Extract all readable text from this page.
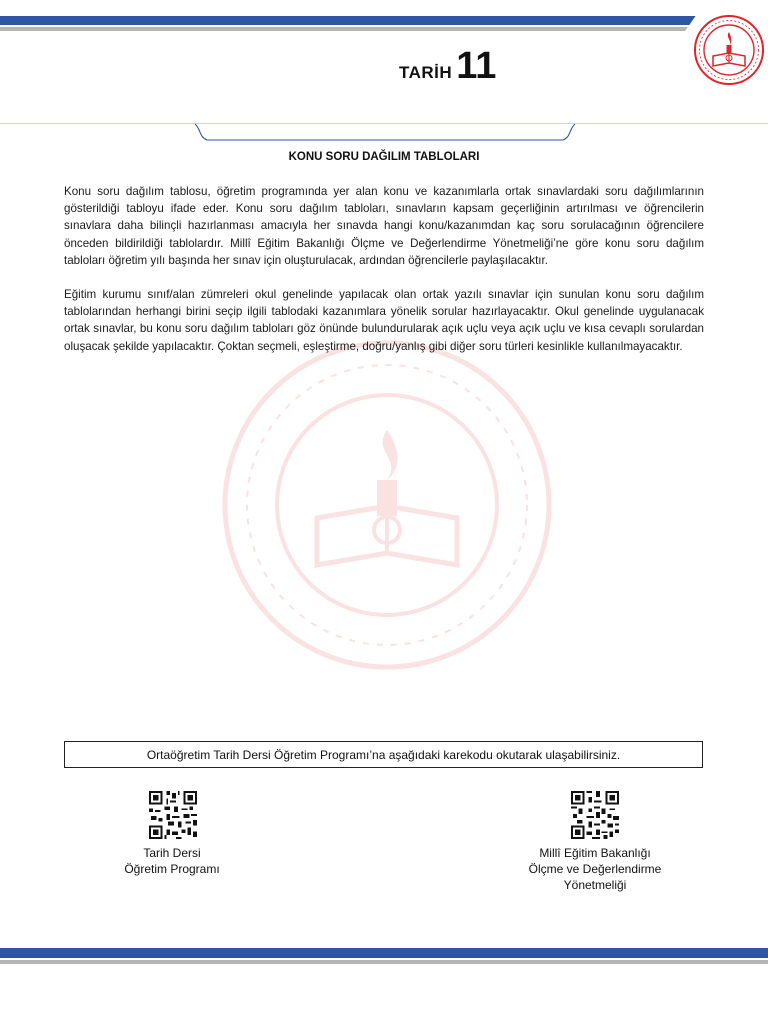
TARİH 11
KONU SORU DAĞILIM TABLOLARI

Konu soru dağılım tablosu, öğretim programında yer alan konu ve kazanımlarla ortak sınavlardaki soru dağılımlarının gösterildiği tabloyu ifade eder. Konu soru dağılım tabloları, sınavların kapsam geçerliğinin artırılması ve öğrencilerin sınavlara daha bilinçli hazırlanması amacıyla her sınavda hangi konu/kazanımdan kaç soru sorulacağının öğrencilere önceden bildirildiği tablolardır. Millî Eğitim Bakanlığı Ölçme ve Değerlendirme Yönetmeliği’ne göre konu soru dağılım tabloları öğretim yılı başında her sınav için oluşturulacak, ardından öğrencilerle paylaşılacaktır.

Eğitim kurumu sınıf/alan zümreleri okul genelinde yapılacak olan ortak yazılı sınavlar için sunulan konu soru dağılım tablolarından herhangi birini seçip ilgili tablodaki kazanımlara yönelik sorular hazırlayacaktır. Okul genelinde uygulanacak ortak sınavlar, bu konu soru dağılım tabloları göz önünde bulundurularak açık uçlu veya açık uçlu ve kısa cevaplı sorulardan oluşacak şekilde yapılacaktır. Çoktan seçmeli, eşleştirme, doğru/yanlış gibi diğer soru türleri kesinlikle kullanılmayacaktır.

Ortaöğretim Tarih Dersi Öğretim Programı’na aşağıdaki karekodu okutarak ulaşabilirsiniz.
Tarih Dersi
Öğretim Programı
Millî Eğitim Bakanlığı
Ölçme ve Değerlendirme
Yönetmeliği
